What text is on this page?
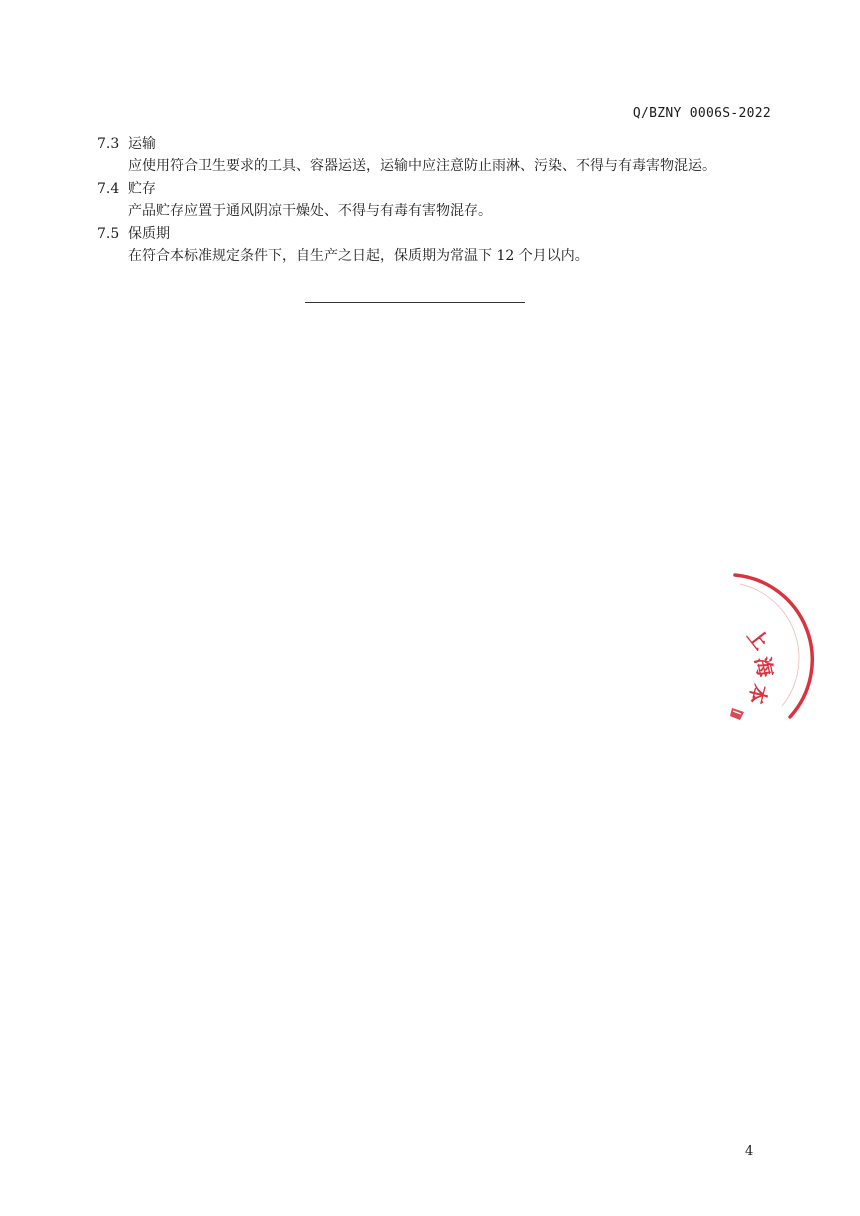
Q/BZNY 0006S-2022
7.3 运输
应使用符合卫生要求的工具、容器运送，运输中应注意防止雨淋、污染、不得与有毒害物混运。
7.4 贮存
产品贮存应置于通风阴凉干燥处、不得与有毒有害物混存。
7.5 保质期
在符合本标准规定条件下，自生产之日起，保质期为常温下 12 个月以内。
上
海
本
4
